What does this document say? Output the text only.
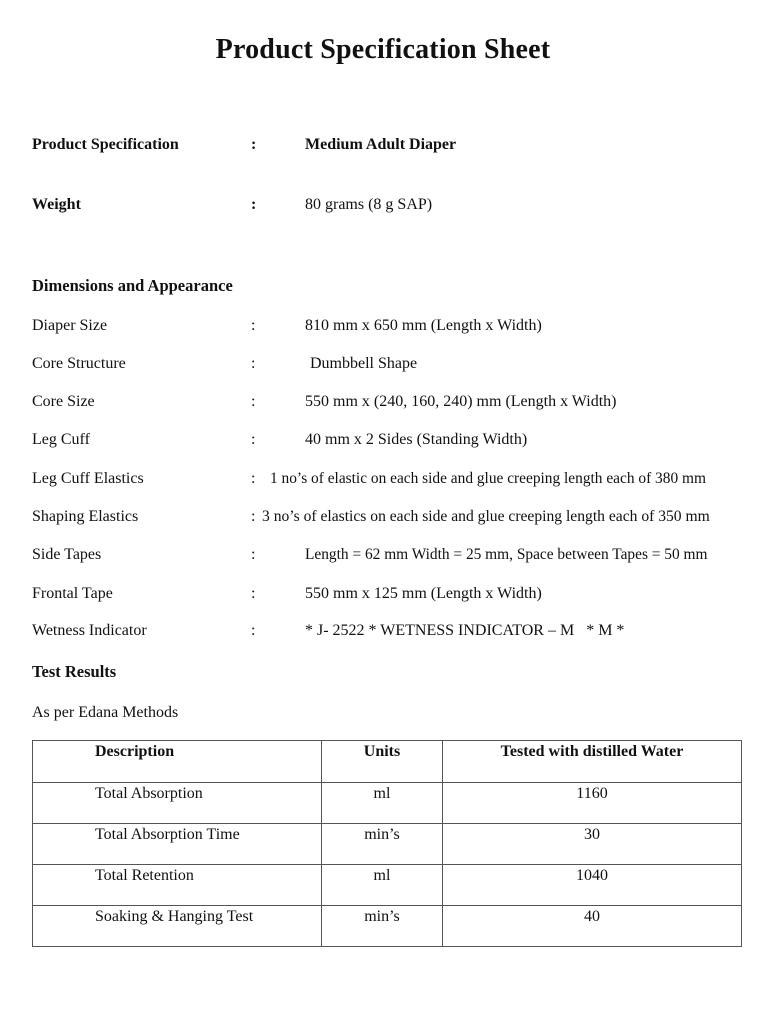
Product Specification Sheet
Product Specification	:	Medium Adult Diaper
Weight	:	80 grams (8 g SAP)
Dimensions and Appearance
Diaper Size	:	810 mm x 650 mm (Length x Width)
Core Structure	:	Dumbbell Shape
Core Size	:	550 mm x (240, 160, 240) mm (Length x Width)
Leg Cuff	:	40 mm x 2 Sides (Standing Width)
Leg Cuff Elastics	: 1 no’s of elastic on each side and glue creeping length each of 380 mm
Shaping Elastics	: 3 no’s of elastics on each side and glue creeping length each of 350 mm
Side Tapes	:	Length = 62 mm Width = 25 mm, Space between Tapes = 50 mm
Frontal Tape	:	550 mm x 125 mm (Length x Width)
Wetness Indicator	:	* J- 2522 * WETNESS INDICATOR – M   * M *
Test Results
As per Edana Methods
Description	Units	Tested with distilled Water
Total Absorption	ml	1160
Total Absorption Time	min’s	30
Total Retention	ml	1040
Soaking & Hanging Test	min’s	40
